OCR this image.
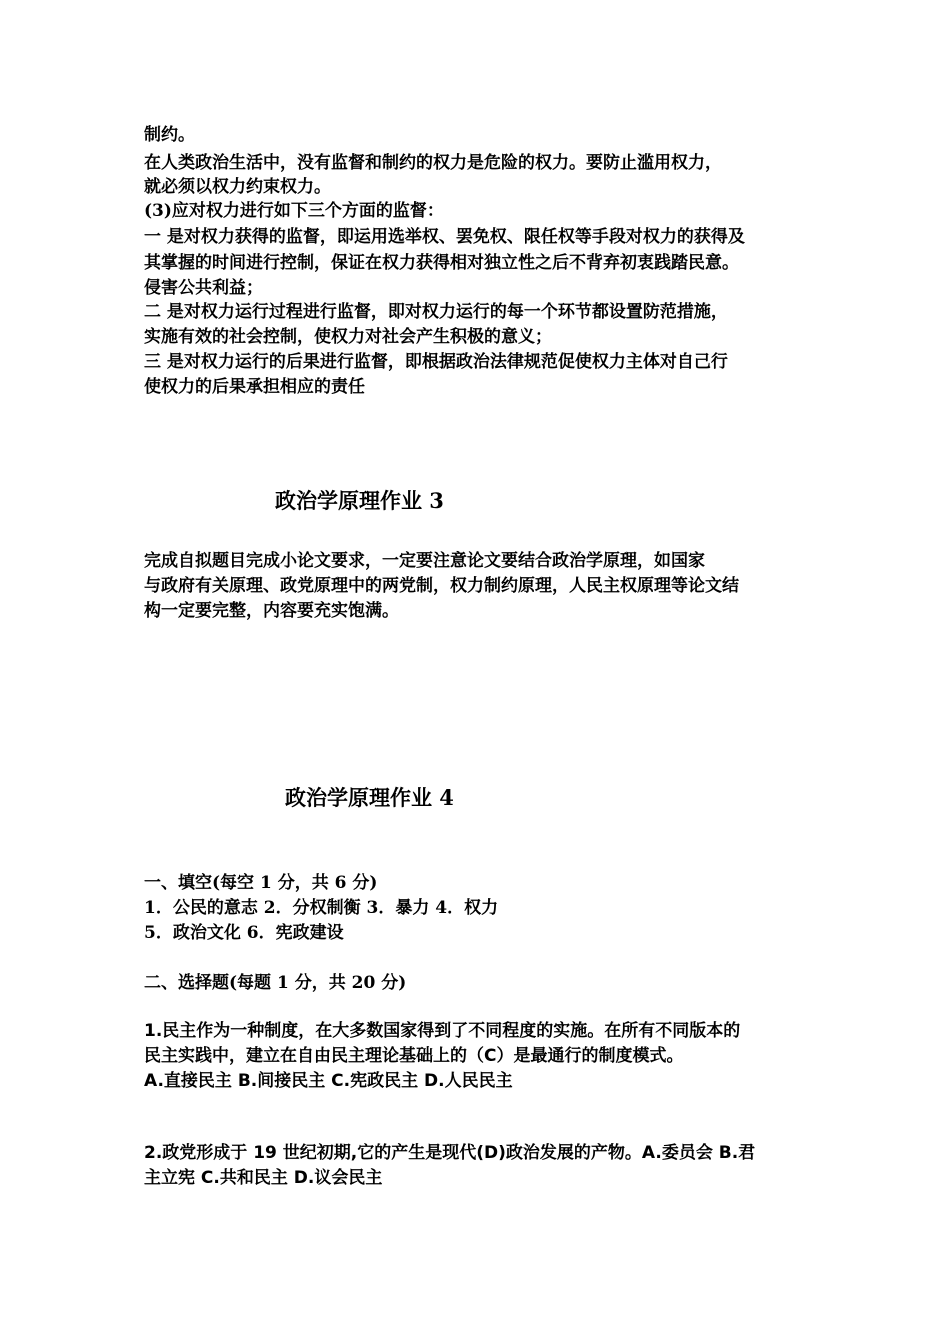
制约。
在人类政治生活中，没有监督和制约的权力是危险的权力。要防止滥用权力，
就必须以权力约束权力。
(3)应对权力进行如下三个方面的监督：
一 是对权力获得的监督，即运用选举权、罢免权、限任权等手段对权力的获得及
其掌握的时间进行控制，保证在权力获得相对独立性之后不背弃初衷践踏民意。
侵害公共利益；
二 是对权力运行过程进行监督，即对权力运行的每一个环节都设置防范措施，
实施有效的社会控制，使权力对社会产生积极的意义；
三 是对权力运行的后果进行监督，即根据政治法律规范促使权力主体对自己行
使权力的后果承担相应的责任
政治学原理作业 3
完成自拟题目完成小论文要求，一定要注意论文要结合政治学原理，如国家
与政府有关原理、政党原理中的两党制，权力制约原理，人民主权原理等论文结
构一定要完整，内容要充实饱满。
政治学原理作业 4
一、填空(每空 1 分，共 6 分)
1．公民的意志 2．分权制衡 3．暴力 4．权力
5．政治文化 6．宪政建设
二、选择题(每题 1 分，共 20 分)
1.民主作为一种制度，在大多数国家得到了不同程度的实施。在所有不同版本的
民主实践中，建立在自由民主理论基础上的（C）是最通行的制度模式。
A.直接民主 B.间接民主 C.宪政民主 D.人民民主
2.政党形成于 19 世纪初期,它的产生是现代(D)政治发展的产物。A.委员会 B.君
主立宪 C.共和民主 D.议会民主
